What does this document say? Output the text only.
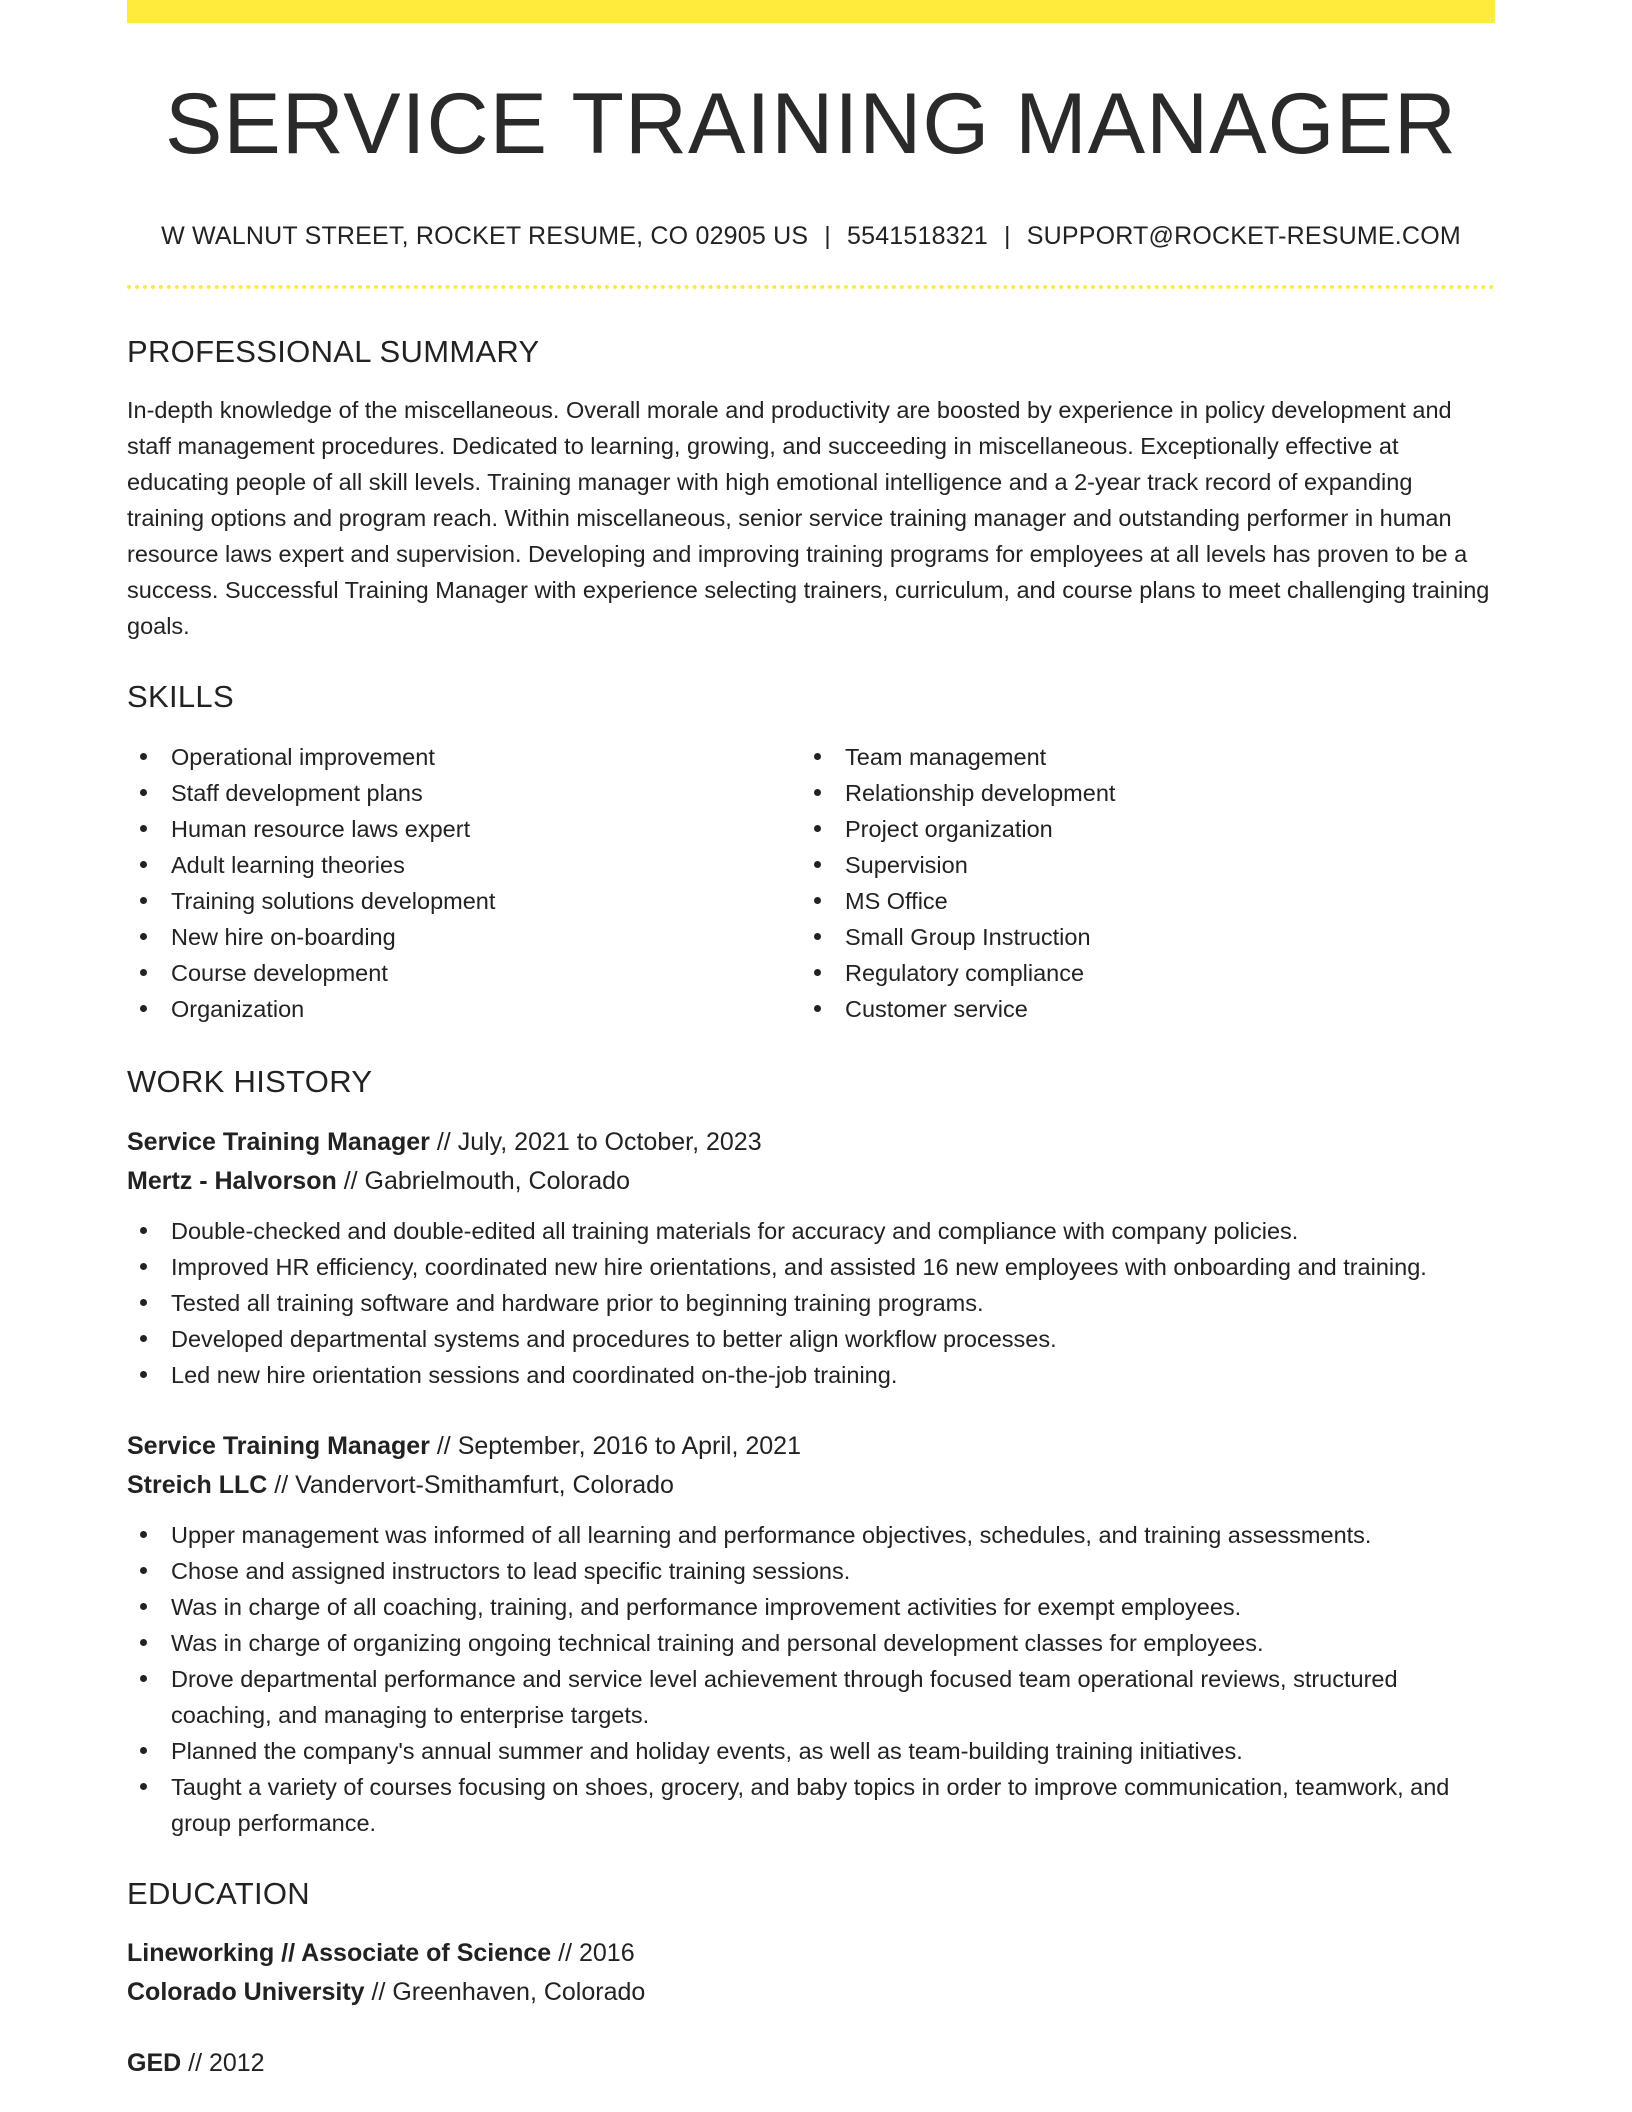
SERVICE TRAINING MANAGER
W WALNUT STREET, ROCKET RESUME, CO 02905 US | 5541518321 | SUPPORT@ROCKET-RESUME.COM
PROFESSIONAL SUMMARY

In-depth knowledge of the miscellaneous. Overall morale and productivity are boosted by experience in policy development and staff management procedures. Dedicated to learning, growing, and succeeding in miscellaneous. Exceptionally effective at educating people of all skill levels. Training manager with high emotional intelligence and a 2-year track record of expanding training options and program reach. Within miscellaneous, senior service training manager and outstanding performer in human resource laws expert and supervision. Developing and improving training programs for employees at all levels has proven to be a success. Successful Training Manager with experience selecting trainers, curriculum, and course plans to meet challenging training goals.

SKILLS
Operational improvement
Staff development plans
Human resource laws expert
Adult learning theories
Training solutions development
New hire on-boarding
Course development
Organization
Team management
Relationship development
Project organization
Supervision
MS Office
Small Group Instruction
Regulatory compliance
Customer service
WORK HISTORY
Service Training Manager // July, 2021 to October, 2023
Mertz - Halvorson // Gabrielmouth, Colorado
Double-checked and double-edited all training materials for accuracy and compliance with company policies.
Improved HR efficiency, coordinated new hire orientations, and assisted 16 new employees with onboarding and training.
Tested all training software and hardware prior to beginning training programs.
Developed departmental systems and procedures to better align workflow processes.
Led new hire orientation sessions and coordinated on-the-job training.
Service Training Manager // September, 2016 to April, 2021
Streich LLC // Vandervort-Smithamfurt, Colorado
Upper management was informed of all learning and performance objectives, schedules, and training assessments.
Chose and assigned instructors to lead specific training sessions.
Was in charge of all coaching, training, and performance improvement activities for exempt employees.
Was in charge of organizing ongoing technical training and personal development classes for employees.
Drove departmental performance and service level achievement through focused team operational reviews, structured coaching, and managing to enterprise targets.
Planned the company's annual summer and holiday events, as well as team-building training initiatives.
Taught a variety of courses focusing on shoes, grocery, and baby topics in order to improve communication, teamwork, and group performance.
EDUCATION
Lineworking // Associate of Science // 2016
Colorado University // Greenhaven, Colorado
GED // 2012
